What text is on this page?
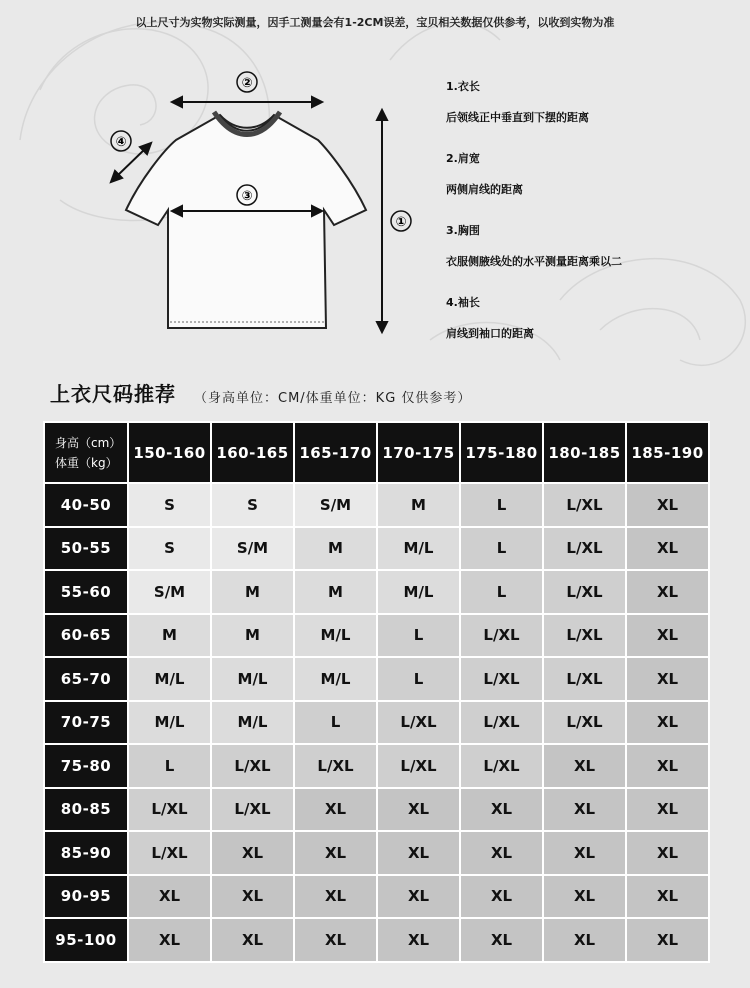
以上尺寸为实物实际测量，因手工测量会有1-2CM误差，宝贝相关数据仅供参考，以收到实物为准
②
③
①
④
1.衣长
后领线正中垂直到下摆的距离
2.肩宽
两侧肩线的距离
3.胸围
衣服侧腋线处的水平测量距离乘以二
4.袖长
肩线到袖口的距离
上衣尺码推荐 （身高单位：CM/体重单位：KG 仅供参考）
身高（cm）
体重（kg）	150-160	160-165	165-170	170-175	175-180	180-185	185-190
40-50	S	S	S/M	M	L	L/XL	XL
50-55	S	S/M	M	M/L	L	L/XL	XL
55-60	S/M	M	M	M/L	L	L/XL	XL
60-65	M	M	M/L	L	L/XL	L/XL	XL
65-70	M/L	M/L	M/L	L	L/XL	L/XL	XL
70-75	M/L	M/L	L	L/XL	L/XL	L/XL	XL
75-80	L	L/XL	L/XL	L/XL	L/XL	XL	XL
80-85	L/XL	L/XL	XL	XL	XL	XL	XL
85-90	L/XL	XL	XL	XL	XL	XL	XL
90-95	XL	XL	XL	XL	XL	XL	XL
95-100	XL	XL	XL	XL	XL	XL	XL
